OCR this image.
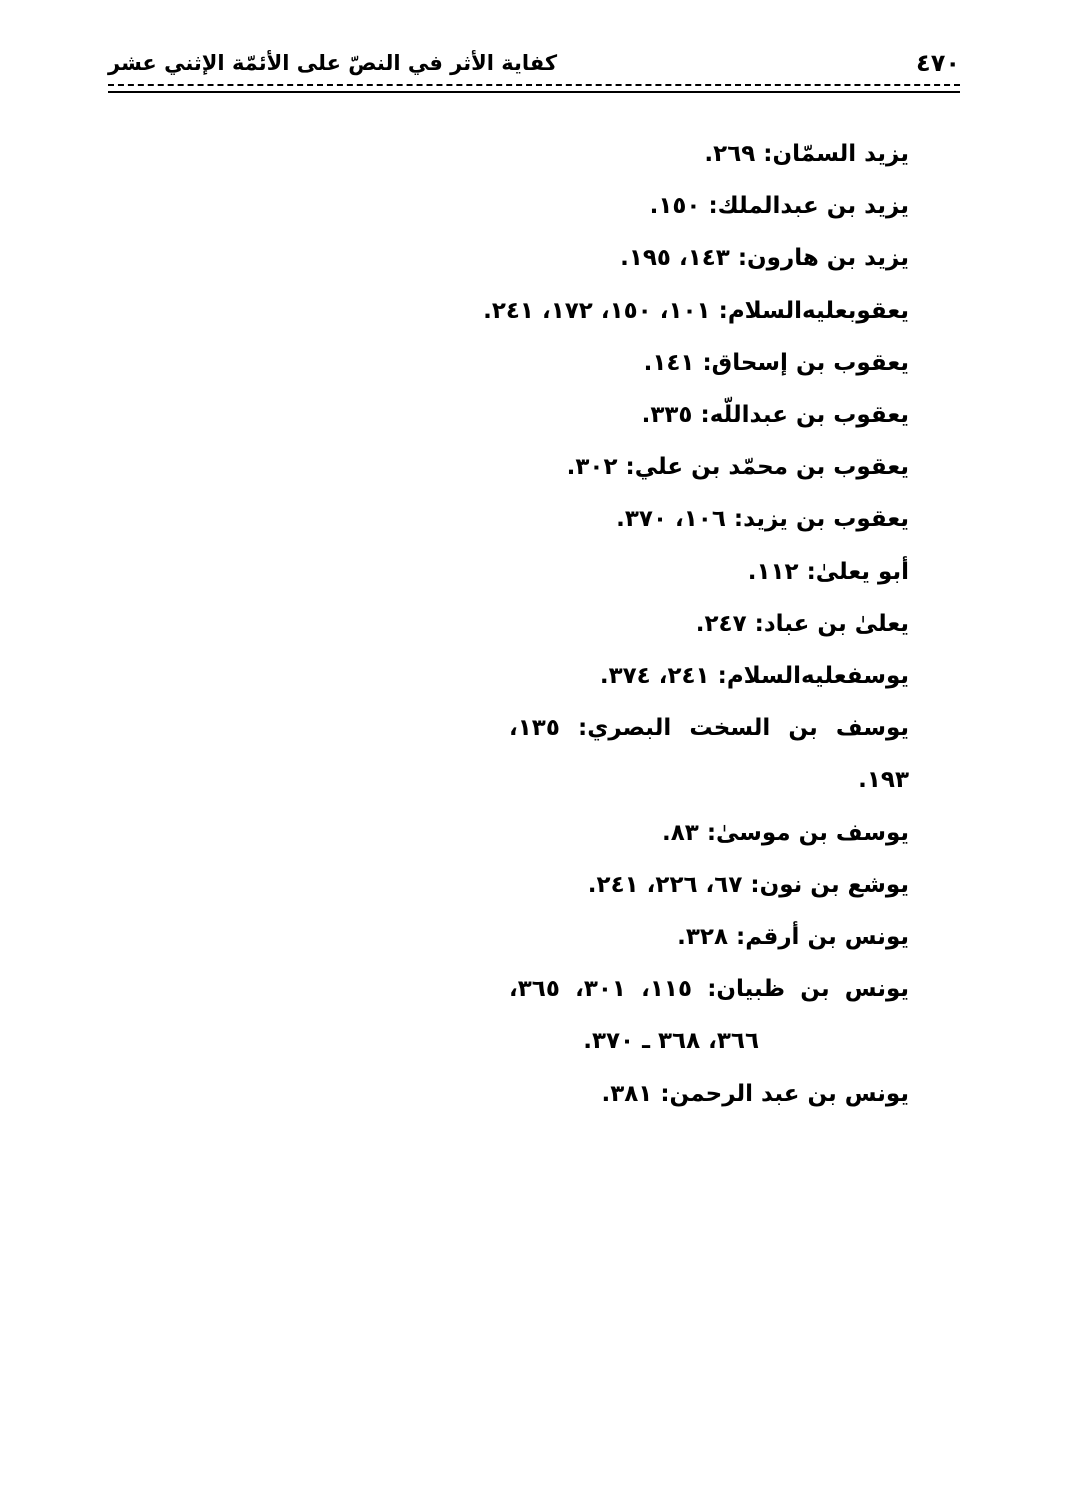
كفاية الأثر في النصّ على الأئمّة الإثني عشر	٤٧٠
يزيد السمّان: ٢٦٩.
يزيد بن عبدالملك: ١٥٠.
يزيد بن هارون: ١٤٣، ١٩٥.
يعقوبعليه‌السلام: ١٠١، ١٥٠، ١٧٢، ٢٤١.
يعقوب بن إسحاق: ١٤١.
يعقوب بن عبداللّه: ٣٣٥.
يعقوب بن محمّد بن علي: ٣٠٢.
يعقوب بن يزيد: ١٠٦، ٣٧٠.
أبو يعلىٰ: ١١٢.
يعلىٰ بن عباد: ٢٤٧.
يوسفعليه‌السلام: ٢٤١، ٣٧٤.
يوسف بن السخت البصري: ١٣٥،
١٩٣.
يوسف بن موسىٰ: ٨٣.
يوشع بن نون: ٦٧، ٢٢٦، ٢٤١.
يونس بن أرقم: ٣٢٨.
يونس بن ظبيان: ١١٥، ٣٠١، ٣٦٥،
٣٦٦، ٣٦٨ ـ ٣٧٠.
يونس بن عبد الرحمن: ٣٨١.
